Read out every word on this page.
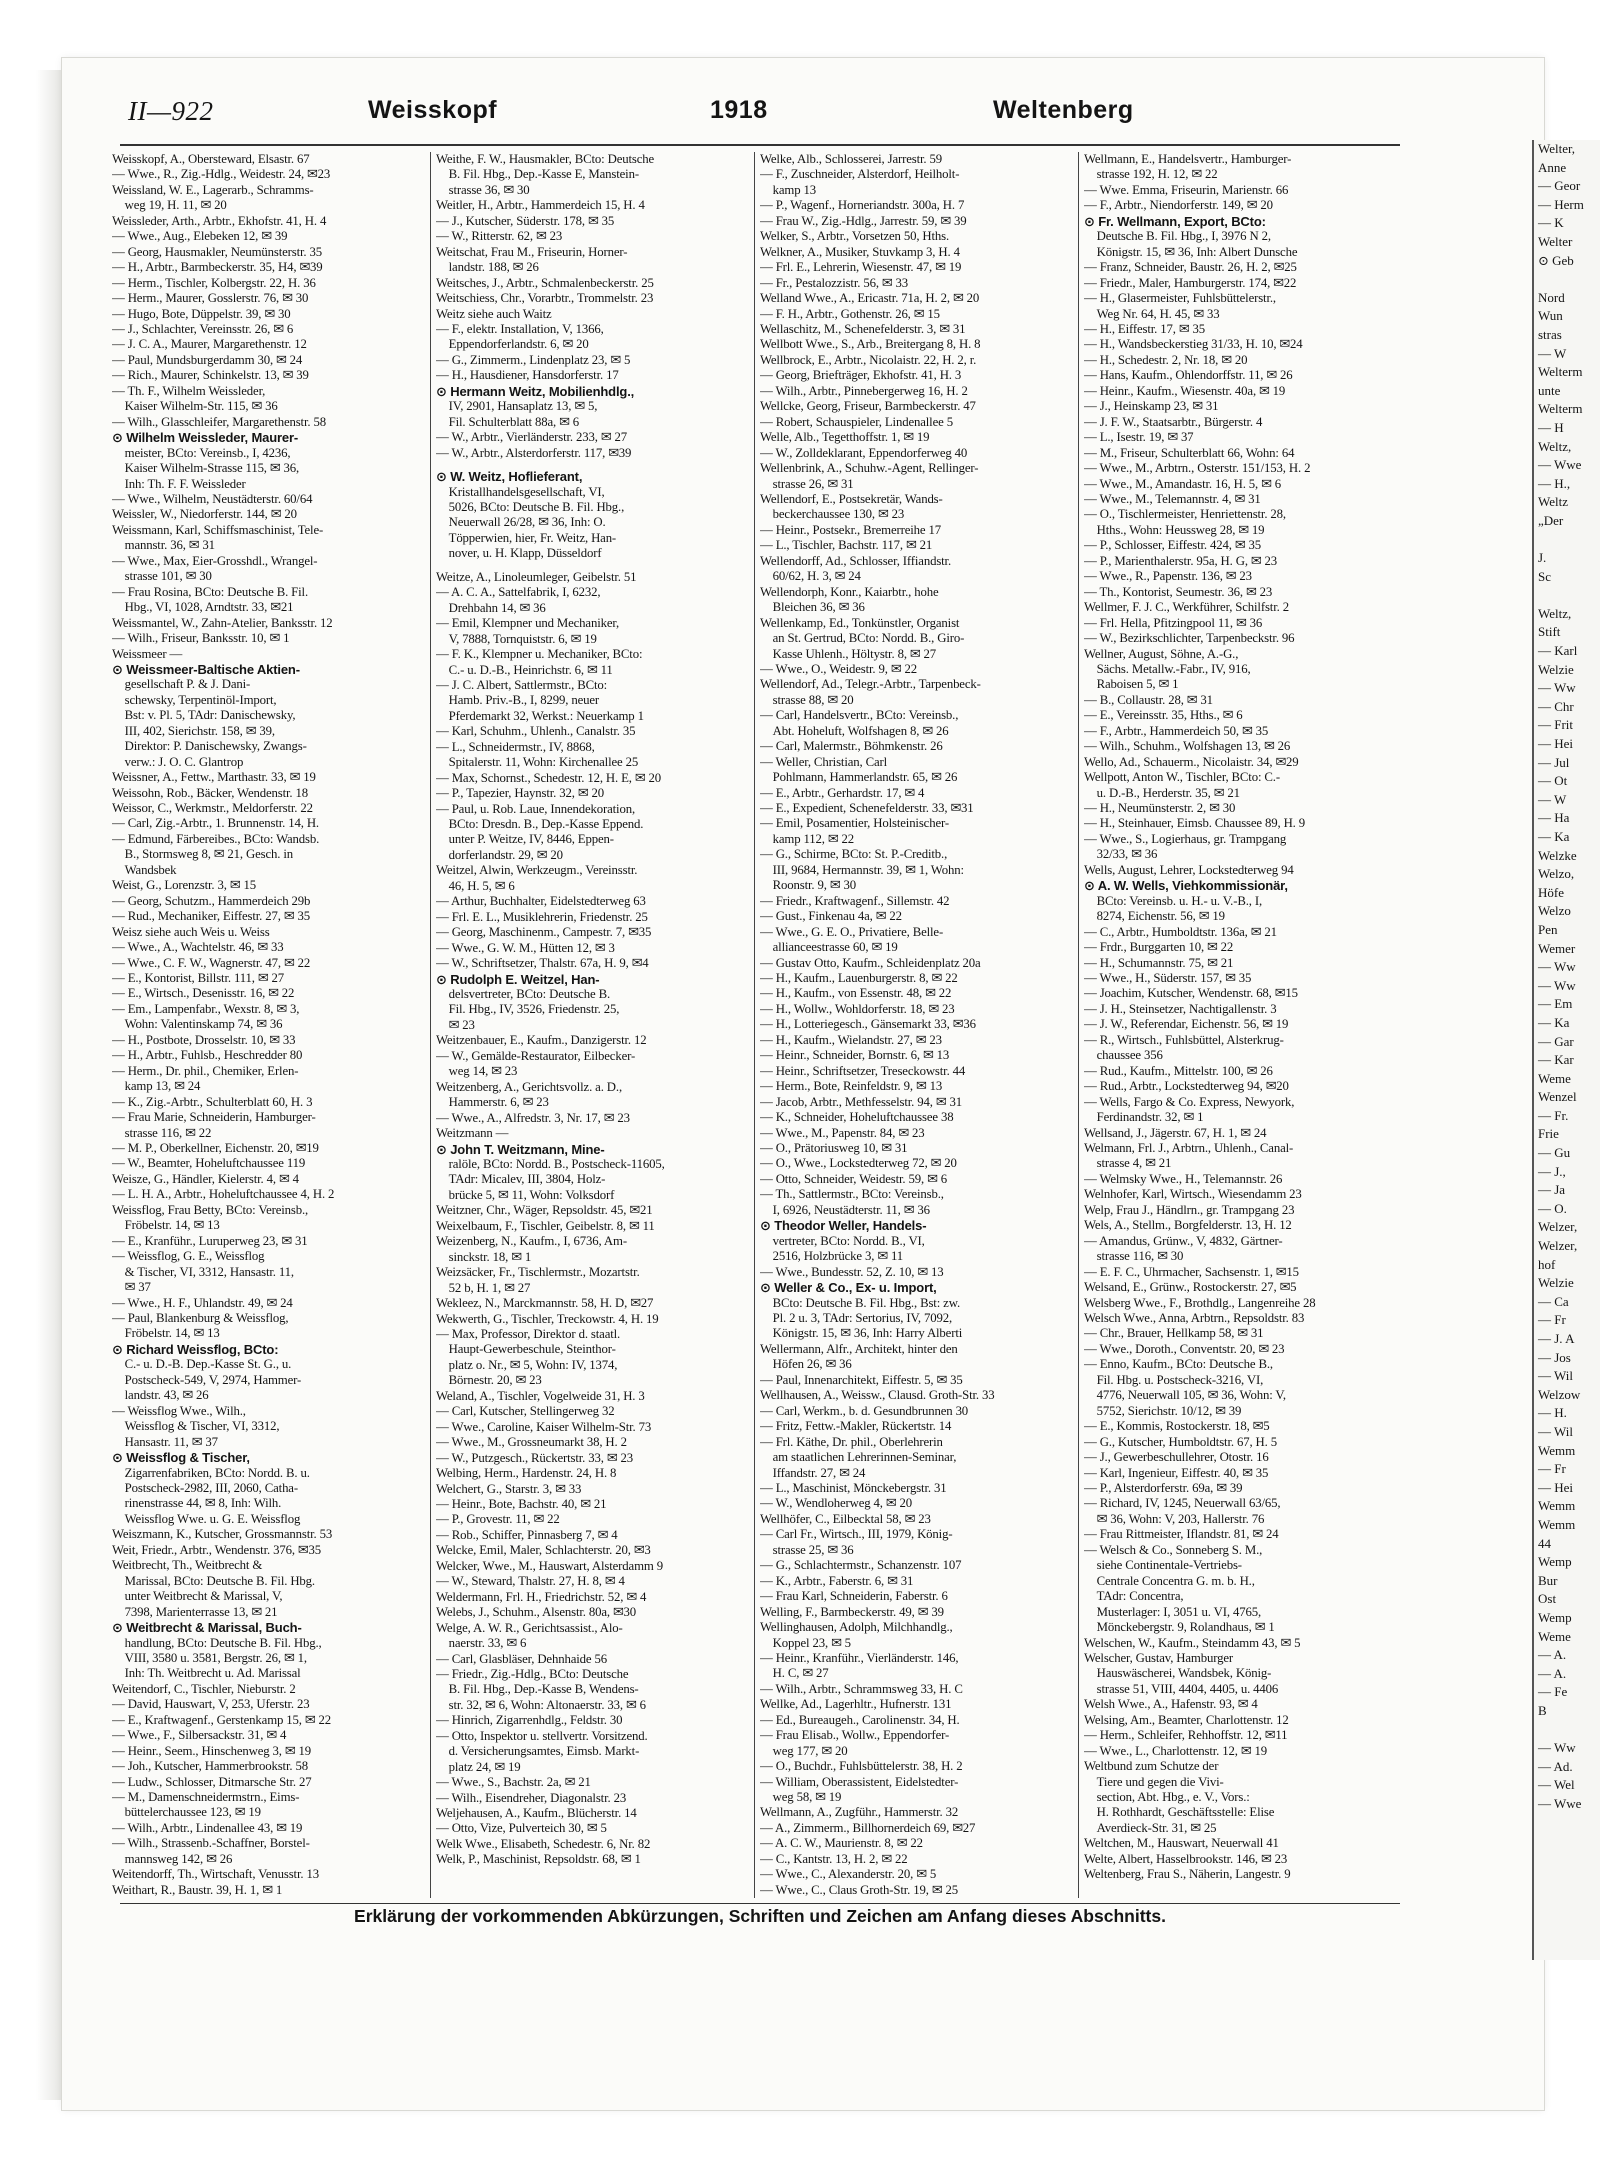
Welter,
Anne
— Geor
— Herm
— K
Welter
⊙ Geb

Nord
Wun
stras
— W
Welterm
unte
Welterm
— H
Weltz,
— Wwe
— H.,
Weltz
„Der

J.
Sc

Weltz,
Stift
— Karl
Welzie
— Ww
— Chr
— Frit
— Hei
— Jul
— Ot
— W
— Ha
— Ka
Welzke
Welzo,
Höfe
Welzo
Pen
Wemer
— Ww
— Ww
— Em
— Ka
— Gar
— Kar
Weme
Wenzel
— Fr.
Frie
— Gu
— J.,
— Ja
— O.
Welzer,
Welzer,
hof
Welzie
— Ca
— Fr
— J. A
— Jos
— Wil
Welzow
— H.
— Wil
Wemm
— Fr
— Hei
Wemm
Wemm
44
Wemp
Bur
Ost
Wemp
Weme
— A.
— A.
— Fe
B

— Ww
— Ad.
— Wel
— Wwe
II—922	Weisskopf	1918	Weltenberg
Weisskopf, A., Obersteward, Elsastr. 67
— Wwe., R., Zig.-Hdlg., Weidestr. 24, ✉23
Weissland, W. E., Lagerarb., Schramms-
 weg 19, H. 11, ✉ 20
Weissleder, Arth., Arbtr., Ekhofstr. 41, H. 4
— Wwe., Aug., Elebeken 12, ✉ 39
— Georg, Hausmakler, Neumünsterstr. 35
— H., Arbtr., Barmbeckerstr. 35, H4, ✉39
— Herm., Tischler, Kolbergstr. 22, H. 36
— Herm., Maurer, Gosslerstr. 76, ✉ 30
— Hugo, Bote, Düppelstr. 39, ✉ 30
— J., Schlachter, Vereinsstr. 26, ✉ 6
— J. C. A., Maurer, Margarethenstr. 12
— Paul, Mundsburgerdamm 30, ✉ 24
— Rich., Maurer, Schinkelstr. 13, ✉ 39
— Th. F., Wilhelm Weissleder,
 Kaiser Wilhelm-Str. 115, ✉ 36
— Wilh., Glasschleifer, Margarethenstr. 58
⊙ Wilhelm Weissleder, Maurer-
 meister, BCto: Vereinsb., I, 4236,
 Kaiser Wilhelm-Strasse 115, ✉ 36,
 Inh: Th. F. F. Weissleder
— Wwe., Wilhelm, Neustädterstr. 60/64
Weissler, W., Niedorferstr. 144, ✉ 20
Weissmann, Karl, Schiffsmaschinist, Tele-
 mannstr. 36, ✉ 31
— Wwe., Max, Eier-Grosshdl., Wrangel-
 strasse 101, ✉ 30
— Frau Rosina, BCto: Deutsche B. Fil.
 Hbg., VI, 1028, Arndtstr. 33, ✉21
Weissmantel, W., Zahn-Atelier, Banksstr. 12
— Wilh., Friseur, Banksstr. 10, ✉ 1
Weissmeer —
⊙ Weissmeer-Baltische Aktien-
 gesellschaft P. & J. Dani-
 schewsky, Terpentinöl-Import,
 Bst: v. Pl. 5, TAdr: Danischewsky,
 III, 402, Sierichstr. 158, ✉ 39,
 Direktor: P. Danischewsky, Zwangs-
 verw.: J. O. C. Glantrop
Weissner, A., Fettw., Marthastr. 33, ✉ 19
Weissohn, Rob., Bäcker, Wendenstr. 18
Weissor, C., Werkmstr., Meldorferstr. 22
— Carl, Zig.-Arbtr., 1. Brunnenstr. 14, H.
— Edmund, Färbereibes., BCto: Wandsb.
 B., Stormsweg 8, ✉ 21, Gesch. in
 Wandsbek
Weist, G., Lorenzstr. 3, ✉ 15
— Georg, Schutzm., Hammerdeich 29b
— Rud., Mechaniker, Eiffestr. 27, ✉ 35
Weisz siehe auch Weis u. Weiss
— Wwe., A., Wachtelstr. 46, ✉ 33
— Wwe., C. F. W., Wagnerstr. 47, ✉ 22
— E., Kontorist, Billstr. 111, ✉ 27
— E., Wirtsch., Desenisstr. 16, ✉ 22
— Em., Lampenfabr., Wexstr. 8, ✉ 3,
 Wohn: Valentinskamp 74, ✉ 36
— H., Postbote, Drosselstr. 10, ✉ 33
— H., Arbtr., Fuhlsb., Heschredder 80
— Herm., Dr. phil., Chemiker, Erlen-
 kamp 13, ✉ 24
— K., Zig.-Arbtr., Schulterblatt 60, H. 3
— Frau Marie, Schneiderin, Hamburger-
 strasse 116, ✉ 22
— M. P., Oberkellner, Eichenstr. 20, ✉19
— W., Beamter, Hoheluftchaussee 119
Weisze, G., Händler, Kielerstr. 4, ✉ 4
— L. H. A., Arbtr., Hoheluftchaussee 4, H. 2
Weissflog, Frau Betty, BCto: Vereinsb.,
 Fröbelstr. 14, ✉ 13
— E., Kranführ., Luruperweg 23, ✉ 31
— Weissflog, G. E., Weissflog
 & Tischer, VI, 3312, Hansastr. 11,
 ✉ 37
— Wwe., H. F., Uhlandstr. 49, ✉ 24
— Paul, Blankenburg & Weissflog,
 Fröbelstr. 14, ✉ 13
⊙ Richard Weissflog, BCto:
 C.- u. D.-B. Dep.-Kasse St. G., u.
 Postscheck-549, V, 2974, Hammer-
 landstr. 43, ✉ 26
— Weissflog Wwe., Wilh.,
 Weissflog & Tischer, VI, 3312,
 Hansastr. 11, ✉ 37
⊙ Weissflog & Tischer,
 Zigarrenfabriken, BCto: Nordd. B. u.
 Postscheck-2982, III, 2060, Catha-
 rinenstrasse 44, ✉ 8, Inh: Wilh.
 Weissflog Wwe. u. G. E. Weissflog
Weiszmann, K., Kutscher, Grossmannstr. 53
Weit, Friedr., Arbtr., Wendenstr. 376, ✉35
Weitbrecht, Th., Weitbrecht &
 Marissal, BCto: Deutsche B. Fil. Hbg.
 unter Weitbrecht & Marissal, V,
 7398, Marienterrasse 13, ✉ 21
⊙ Weitbrecht & Marissal, Buch-
 handlung, BCto: Deutsche B. Fil. Hbg.,
 VIII, 3580 u. 3581, Bergstr. 26, ✉ 1,
 Inh: Th. Weitbrecht u. Ad. Marissal
Weitendorf, C., Tischler, Nieburstr. 2
— David, Hauswart, V, 253, Uferstr. 23
— E., Kraftwagenf., Gerstenkamp 15, ✉ 22
— Wwe., F., Silbersackstr. 31, ✉ 4
— Heinr., Seem., Hinschenweg 3, ✉ 19
— Joh., Kutscher, Hammerbrookstr. 58
— Ludw., Schlosser, Ditmarsche Str. 27
— M., Damenschneidermstrn., Eims-
 büttelerchaussee 123, ✉ 19
— Wilh., Arbtr., Lindenallee 43, ✉ 19
— Wilh., Strassenb.-Schaffner, Borstel-
 mannsweg 142, ✉ 26
Weitendorff, Th., Wirtschaft, Venusstr. 13
Weithart, R., Baustr. 39, H. 1, ✉ 1
Weithe, F. W., Hausmakler, BCto: Deutsche
 B. Fil. Hbg., Dep.-Kasse E, Manstein-
 strasse 36, ✉ 30
Weitler, H., Arbtr., Hammerdeich 15, H. 4
— J., Kutscher, Süderstr. 178, ✉ 35
— W., Ritterstr. 62, ✉ 23
Weitschat, Frau M., Friseurin, Horner-
 landstr. 188, ✉ 26
Weitsches, J., Arbtr., Schmalenbeckerstr. 25
Weitschiess, Chr., Vorarbtr., Trommelstr. 23
Weitz siehe auch Waitz
— F., elektr. Installation, V, 1366,
 Eppendorferlandstr. 6, ✉ 20
— G., Zimmerm., Lindenplatz 23, ✉ 5
— H., Hausdiener, Hansdorferstr. 17
⊙ Hermann Weitz, Mobilienhdlg.,
 IV, 2901, Hansaplatz 13, ✉ 5,
 Fil. Schulterblatt 88a, ✉ 6
— W., Arbtr., Vierländerstr. 233, ✉ 27
— W., Arbtr., Alsterdorferstr. 117, ✉39
⊙ W. Weitz, Hoflieferant,
 Kristallhandelsgesellschaft, VI,
 5026, BCto: Deutsche B. Fil. Hbg.,
 Neuerwall 26/28, ✉ 36, Inh: O.
 Töpperwien, hier, Fr. Weitz, Han-
 nover, u. H. Klapp, Düsseldorf
Weitze, A., Linoleumleger, Geibelstr. 51
— A. C. A., Sattelfabrik, I, 6232,
 Drehbahn 14, ✉ 36
— Emil, Klempner und Mechaniker,
 V, 7888, Tornquiststr. 6, ✉ 19
— F. K., Klempner u. Mechaniker, BCto:
 C.- u. D.-B., Heinrichstr. 6, ✉ 11
— J. C. Albert, Sattlermstr., BCto:
 Hamb. Priv.-B., I, 8299, neuer
 Pferdemarkt 32, Werkst.: Neuerkamp 1
— Karl, Schuhm., Uhlenh., Canalstr. 35
— L., Schneidermstr., IV, 8868,
 Spitalerstr. 11, Wohn: Kirchenallee 25
— Max, Schornst., Schedestr. 12, H. E, ✉ 20
— P., Tapezier, Haynstr. 32, ✉ 20
— Paul, u. Rob. Laue, Innendekoration,
 BCto: Dresdn. B., Dep.-Kasse Eppend.
 unter P. Weitze, IV, 8446, Eppen-
 dorferlandstr. 29, ✉ 20
Weitzel, Alwin, Werkzeugm., Vereinsstr.
 46, H. 5, ✉ 6
— Arthur, Buchhalter, Eidelstedterweg 63
— Frl. E. L., Musiklehrerin, Friedenstr. 25
— Georg, Maschinenm., Campestr. 7, ✉35
— Wwe., G. W. M., Hütten 12, ✉ 3
— W., Schriftsetzer, Thalstr. 67a, H. 9, ✉4
⊙ Rudolph E. Weitzel, Han-
 delsvertreter, BCto: Deutsche B.
 Fil. Hbg., IV, 3526, Friedenstr. 25,
 ✉ 23
Weitzenbauer, E., Kaufm., Danzigerstr. 12
— W., Gemälde-Restaurator, Eilbecker-
 weg 14, ✉ 23
Weitzenberg, A., Gerichtsvollz. a. D.,
 Hammerstr. 6, ✉ 23
— Wwe., A., Alfredstr. 3, Nr. 17, ✉ 23
Weitzmann —
⊙ John T. Weitzmann, Mine-
 ralöle, BCto: Nordd. B., Postscheck-11605,
 TAdr: Micalev, III, 3804, Holz-
 brücke 5, ✉ 11, Wohn: Volksdorf
Weitzner, Chr., Wäger, Repsoldstr. 45, ✉21
Weixelbaum, F., Tischler, Geibelstr. 8, ✉ 11
Weizenberg, N., Kaufm., I, 6736, Am-
 sinckstr. 18, ✉ 1
Weizsäcker, Fr., Tischlermstr., Mozartstr.
 52 b, H. 1, ✉ 27
Wekleez, N., Marckmannstr. 58, H. D, ✉27
Wekwerth, G., Tischler, Treckowstr. 4, H. 19
— Max, Professor, Direktor d. staatl.
 Haupt-Gewerbeschule, Steinthor-
 platz o. Nr., ✉ 5, Wohn: IV, 1374,
 Börnestr. 20, ✉ 23
Weland, A., Tischler, Vogelweide 31, H. 3
— Carl, Kutscher, Stellingerweg 32
— Wwe., Caroline, Kaiser Wilhelm-Str. 73
— Wwe., M., Grossneumarkt 38, H. 2
— W., Putzgesch., Rückertstr. 33, ✉ 23
Welbing, Herm., Hardenstr. 24, H. 8
Welchert, G., Starstr. 3, ✉ 33
— Heinr., Bote, Bachstr. 40, ✉ 21
— P., Grovestr. 11, ✉ 22
— Rob., Schiffer, Pinnasberg 7, ✉ 4
Welcke, Emil, Maler, Schlachterstr. 20, ✉3
Welcker, Wwe., M., Hauswart, Alsterdamm 9
— W., Steward, Thalstr. 27, H. 8, ✉ 4
Weldermann, Frl. H., Friedrichstr. 52, ✉ 4
Welebs, J., Schuhm., Alsenstr. 80a, ✉30
Welge, A. W. R., Gerichtsassist., Alo-
 naerstr. 33, ✉ 6
— Carl, Glasbläser, Dehnhaide 56
— Friedr., Zig.-Hdlg., BCto: Deutsche
 B. Fil. Hbg., Dep.-Kasse B, Wendens-
 str. 32, ✉ 6, Wohn: Altonaerstr. 33, ✉ 6
— Hinrich, Zigarrenhdlg., Feldstr. 30
— Otto, Inspektor u. stellvertr. Vorsitzend.
 d. Versicherungsamtes, Eimsb. Markt-
 platz 24, ✉ 19
— Wwe., S., Bachstr. 2a, ✉ 21
— Wilh., Eisendreher, Diagonalstr. 23
Weljehausen, A., Kaufm., Blücherstr. 14
— Otto, Vize, Pulverteich 30, ✉ 5
Welk Wwe., Elisabeth, Schedestr. 6, Nr. 82
Welk, P., Maschinist, Repsoldstr. 68, ✉ 1
Welke, Alb., Schlosserei, Jarrestr. 59
— F., Zuschneider, Alsterdorf, Heilholt-
 kamp 13
— P., Wagenf., Horneriandstr. 300a, H. 7
— Frau W., Zig.-Hdlg., Jarrestr. 59, ✉ 39
Welker, S., Arbtr., Vorsetzen 50, Hths.
Welkner, A., Musiker, Stuvkamp 3, H. 4
— Frl. E., Lehrerin, Wiesenstr. 47, ✉ 19
— Fr., Pestalozzistr. 56, ✉ 33
Welland Wwe., A., Ericastr. 71a, H. 2, ✉ 20
— F. H., Arbtr., Gothenstr. 26, ✉ 15
Wellaschitz, M., Schenefelderstr. 3, ✉ 31
Wellbott Wwe., S., Arb., Breitergang 8, H. 8
Wellbrock, E., Arbtr., Nicolaistr. 22, H. 2, r.
— Georg, Briefträger, Ekhofstr. 41, H. 3
— Wilh., Arbtr., Pinnebergerweg 16, H. 2
Wellcke, Georg, Friseur, Barmbeckerstr. 47
— Robert, Schauspieler, Lindenallee 5
Welle, Alb., Tegetthoffstr. 1, ✉ 19
— W., Zolldeklarant, Eppendorferweg 40
Wellenbrink, A., Schuhw.-Agent, Rellinger-
 strasse 26, ✉ 31
Wellendorf, E., Postsekretär, Wands-
 beckerchaussee 130, ✉ 23
— Heinr., Postsekr., Bremerreihe 17
— L., Tischler, Bachstr. 117, ✉ 21
Wellendorff, Ad., Schlosser, Iffiandstr.
 60/62, H. 3, ✉ 24
Wellendorph, Konr., Kaiarbtr., hohe
 Bleichen 36, ✉ 36
Wellenkamp, Ed., Tonkünstler, Organist
 an St. Gertrud, BCto: Nordd. B., Giro-
 Kasse Uhlenh., Höltystr. 8, ✉ 27
— Wwe., O., Weidestr. 9, ✉ 22
Wellendorf, Ad., Telegr.-Arbtr., Tarpenbeck-
 strasse 88, ✉ 20
— Carl, Handelsvertr., BCto: Vereinsb.,
 Abt. Hoheluft, Wolfshagen 8, ✉ 26
— Carl, Malermstr., Böhmkenstr. 26
— Weller, Christian, Carl
 Pohlmann, Hammerlandstr. 65, ✉ 26
— E., Arbtr., Gerhardstr. 17, ✉ 4
— E., Expedient, Schenefelderstr. 33, ✉31
— Emil, Posamentier, Holsteinischer-
 kamp 112, ✉ 22
— G., Schirme, BCto: St. P.-Creditb.,
 III, 9684, Hermannstr. 39, ✉ 1, Wohn:
 Roonstr. 9, ✉ 30
— Friedr., Kraftwagenf., Sillemstr. 42
— Gust., Finkenau 4a, ✉ 22
— Wwe., G. E. O., Privatiere, Belle-
 allianceestrasse 60, ✉ 19
— Gustav Otto, Kaufm., Schleidenplatz 20a
— H., Kaufm., Lauenburgerstr. 8, ✉ 22
— H., Kaufm., von Essenstr. 48, ✉ 22
— H., Wollw., Wohldorferstr. 18, ✉ 23
— H., Lotteriegesch., Gänsemarkt 33, ✉36
— H., Kaufm., Wielandstr. 27, ✉ 23
— Heinr., Schneider, Bornstr. 6, ✉ 13
— Heinr., Schriftsetzer, Treseckowstr. 44
— Herm., Bote, Reinfeldstr. 9, ✉ 13
— Jacob, Arbtr., Methfesselstr. 94, ✉ 31
— K., Schneider, Hoheluftchaussee 38
— Wwe., M., Papenstr. 84, ✉ 23
— O., Prätoriusweg 10, ✉ 31
— O., Wwe., Lockstedterweg 72, ✉ 20
— Otto, Schneider, Weidestr. 59, ✉ 6
— Th., Sattlermstr., BCto: Vereinsb.,
 I, 6926, Neustädterstr. 11, ✉ 36
⊙ Theodor Weller, Handels-
 vertreter, BCto: Nordd. B., VI,
 2516, Holzbrücke 3, ✉ 11
— Wwe., Bundesstr. 52, Z. 10, ✉ 13
⊙ Weller & Co., Ex- u. Import,
 BCto: Deutsche B. Fil. Hbg., Bst: zw.
 Pl. 2 u. 3, TAdr: Sertorius, IV, 7092,
 Königstr. 15, ✉ 36, Inh: Harry Alberti
Wellermann, Alfr., Architekt, hinter den
 Höfen 26, ✉ 36
— Paul, Innenarchitekt, Eiffestr. 5, ✉ 35
Wellhausen, A., Weissw., Clausd. Groth-Str. 33
— Carl, Werkm., b. d. Gesundbrunnen 30
— Fritz, Fettw.-Makler, Rückertstr. 14
— Frl. Käthe, Dr. phil., Oberlehrerin
 am staatlichen Lehrerinnen-Seminar,
 Iffandstr. 27, ✉ 24
— L., Maschinist, Mönckebergstr. 31
— W., Wendloherweg 4, ✉ 20
Wellhöfer, C., Eilbecktal 58, ✉ 23
— Carl Fr., Wirtsch., III, 1979, König-
 strasse 25, ✉ 36
— G., Schlachtermstr., Schanzenstr. 107
— K., Arbtr., Faberstr. 6, ✉ 31
— Frau Karl, Schneiderin, Faberstr. 6
Welling, F., Barmbeckerstr. 49, ✉ 39
Wellinghausen, Adolph, Milchhandlg.,
 Koppel 23, ✉ 5
— Heinr., Kranführ., Vierländerstr. 146,
 H. C, ✉ 27
— Wilh., Arbtr., Schrammsweg 33, H. C
Wellke, Ad., Lagerhltr., Hufnerstr. 131
— Ed., Bureaugeh., Carolinenstr. 34, H.
— Frau Elisab., Wollw., Eppendorfer-
 weg 177, ✉ 20
— O., Buchdr., Fuhlsbüttelerstr. 38, H. 2
— William, Oberassistent, Eidelstedter-
 weg 58, ✉ 19
Wellmann, A., Zugführ., Hammerstr. 32
— A., Zimmerm., Billhornerdeich 69, ✉27
— A. C. W., Maurienstr. 8, ✉ 22
— C., Kantstr. 13, H. 2, ✉ 22
— Wwe., C., Alexanderstr. 20, ✉ 5
— Wwe., C., Claus Groth-Str. 19, ✉ 25
Wellmann, E., Handelsvertr., Hamburger-
 strasse 192, H. 12, ✉ 22
— Wwe. Emma, Friseurin, Marienstr. 66
— F., Arbtr., Niendorferstr. 149, ✉ 20
⊙ Fr. Wellmann, Export, BCto:
 Deutsche B. Fil. Hbg., I, 3976 N 2,
 Königstr. 15, ✉ 36, Inh: Albert Dunsche
— Franz, Schneider, Baustr. 26, H. 2, ✉25
— Friedr., Maler, Hamburgerstr. 174, ✉22
— H., Glasermeister, Fuhlsbüttelerstr.,
 Weg Nr. 64, H. 45, ✉ 33
— H., Eiffestr. 17, ✉ 35
— H., Wandsbeckerstieg 31/33, H. 10, ✉24
— H., Schedestr. 2, Nr. 18, ✉ 20
— Hans, Kaufm., Ohlendorffstr. 11, ✉ 26
— Heinr., Kaufm., Wiesenstr. 40a, ✉ 19
— J., Heinskamp 23, ✉ 31
— J. F. W., Staatsarbtr., Bürgerstr. 4
— L., Isestr. 19, ✉ 37
— M., Friseur, Schulterblatt 66, Wohn: 64
— Wwe., M., Arbtrn., Osterstr. 151/153, H. 2
— Wwe., M., Amandastr. 16, H. 5, ✉ 6
— Wwe., M., Telemannstr. 4, ✉ 31
— O., Tischlermeister, Henriettenstr. 28,
 Hths., Wohn: Heussweg 28, ✉ 19
— P., Schlosser, Eiffestr. 424, ✉ 35
— P., Marienthalerstr. 95a, H. G, ✉ 23
— Wwe., R., Papenstr. 136, ✉ 23
— Th., Kontorist, Seumestr. 36, ✉ 23
Wellmer, F. J. C., Werkführer, Schilfstr. 2
— Frl. Hella, Pfitzingpool 11, ✉ 36
— W., Bezirkschlichter, Tarpenbeckstr. 96
Wellner, August, Söhne, A.-G.,
 Sächs. Metallw.-Fabr., IV, 916,
 Raboisen 5, ✉ 1
— B., Collaustr. 28, ✉ 31
— E., Vereinsstr. 35, Hths., ✉ 6
— F., Arbtr., Hammerdeich 50, ✉ 35
— Wilh., Schuhm., Wolfshagen 13, ✉ 26
Wello, Ad., Schauerm., Nicolaistr. 34, ✉29
Wellpott, Anton W., Tischler, BCto: C.-
 u. D.-B., Herderstr. 35, ✉ 21
— H., Neumünsterstr. 2, ✉ 30
— H., Steinhauer, Eimsb. Chaussee 89, H. 9
— Wwe., S., Logierhaus, gr. Trampgang
 32/33, ✉ 36
Wells, August, Lehrer, Lockstedterweg 94
⊙ A. W. Wells, Viehkommissionär,
 BCto: Vereinsb. u. H.- u. V.-B., I,
 8274, Eichenstr. 56, ✉ 19
— C., Arbtr., Humboldtstr. 136a, ✉ 21
— Frdr., Burggarten 10, ✉ 22
— H., Schumannstr. 75, ✉ 21
— Wwe., H., Süderstr. 157, ✉ 35
— Joachim, Kutscher, Wendenstr. 68, ✉15
— J. H., Steinsetzer, Nachtigallenstr. 3
— J. W., Referendar, Eichenstr. 56, ✉ 19
— R., Wirtsch., Fuhlsbüttel, Alsterkrug-
 chaussee 356
— Rud., Kaufm., Mittelstr. 100, ✉ 26
— Rud., Arbtr., Lockstedterweg 94, ✉20
— Wells, Fargo & Co. Express, Newyork,
 Ferdinandstr. 32, ✉ 1
Wellsand, J., Jägerstr. 67, H. 1, ✉ 24
Welmann, Frl. J., Arbtrn., Uhlenh., Canal-
 strasse 4, ✉ 21
— Welmsky Wwe., H., Telemannstr. 26
Welnhofer, Karl, Wirtsch., Wiesendamm 23
Welp, Frau J., Händlrn., gr. Trampgang 23
Wels, A., Stellm., Borgfelderstr. 13, H. 12
— Amandus, Grünw., V, 4832, Gärtner-
 strasse 116, ✉ 30
— E. F. C., Uhrmacher, Sachsenstr. 1, ✉15
Welsand, E., Grünw., Rostockerstr. 27, ✉5
Welsberg Wwe., F., Brothdlg., Langenreihe 28
Welsch Wwe., Anna, Arbtrn., Repsoldstr. 83
— Chr., Brauer, Hellkamp 58, ✉ 31
— Wwe., Doroth., Conventstr. 20, ✉ 23
— Enno, Kaufm., BCto: Deutsche B.,
 Fil. Hbg. u. Postscheck-3216, VI,
 4776, Neuerwall 105, ✉ 36, Wohn: V,
 5752, Sierichstr. 10/12, ✉ 39
— E., Kommis, Rostockerstr. 18, ✉5
— G., Kutscher, Humboldtstr. 67, H. 5
— J., Gewerbeschullehrer, Otostr. 16
— Karl, Ingenieur, Eiffestr. 40, ✉ 35
— P., Alsterdorferstr. 69a, ✉ 39
— Richard, IV, 1245, Neuerwall 63/65,
 ✉ 36, Wohn: V, 203, Hallerstr. 76
— Frau Rittmeister, Iflandstr. 81, ✉ 24
— Welsch & Co., Sonneberg S. M.,
 siehe Continentale-Vertriebs-
 Centrale Concentra G. m. b. H.,
 TAdr: Concentra,
 Musterlager: I, 3051 u. VI, 4765,
 Mönckebergstr. 9, Rolandhaus, ✉ 1
Welschen, W., Kaufm., Steindamm 43, ✉ 5
Welscher, Gustav, Hamburger
 Hauswäscherei, Wandsbek, König-
 strasse 51, VIII, 4404, 4405, u. 4406
Welsh Wwe., A., Hafenstr. 93, ✉ 4
Welsing, Am., Beamter, Charlottenstr. 12
— Herm., Schleifer, Rehhoffstr. 12, ✉11
— Wwe., L., Charlottenstr. 12, ✉ 19
Weltbund zum Schutze der
 Tiere und gegen die Vivi-
 section, Abt. Hbg., e. V., Vors.:
 H. Rothhardt, Geschäftsstelle: Elise
 Averdieck-Str. 31, ✉ 25
Weltchen, M., Hauswart, Neuerwall 41
Welte, Albert, Hasselbrookstr. 146, ✉ 23
Weltenberg, Frau S., Näherin, Langestr. 9
Erklärung der vorkommenden Abkürzungen, Schriften und Zeichen am Anfang dieses Abschnitts.
